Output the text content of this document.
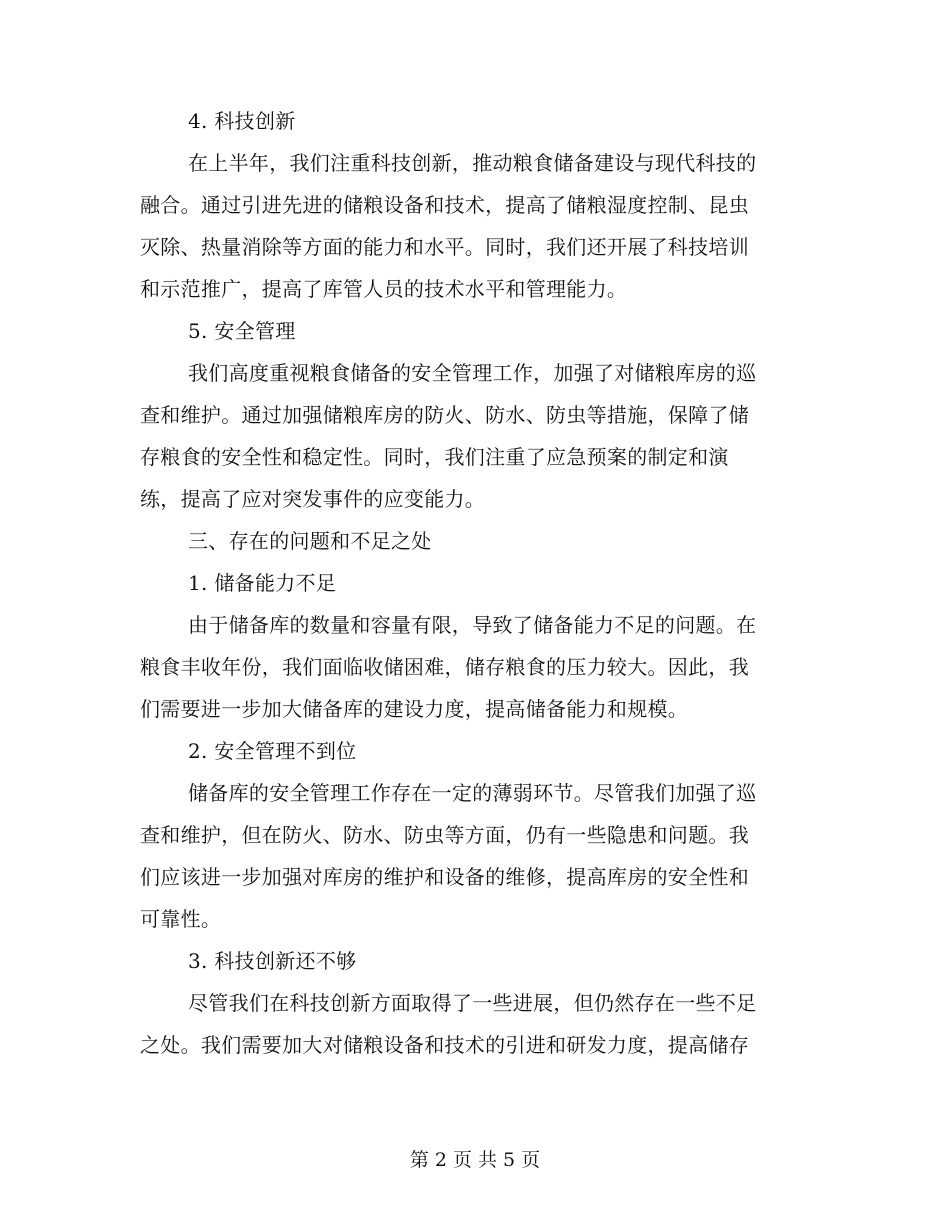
4. 科技创新
在上半年，我们注重科技创新，推动粮食储备建设与现代科技的
融合。通过引进先进的储粮设备和技术，提高了储粮湿度控制、昆虫
灭除、热量消除等方面的能力和水平。同时，我们还开展了科技培训
和示范推广，提高了库管人员的技术水平和管理能力。
5. 安全管理
我们高度重视粮食储备的安全管理工作，加强了对储粮库房的巡
查和维护。通过加强储粮库房的防火、防水、防虫等措施，保障了储
存粮食的安全性和稳定性。同时，我们注重了应急预案的制定和演
练，提高了应对突发事件的应变能力。
三、存在的问题和不足之处
1. 储备能力不足
由于储备库的数量和容量有限，导致了储备能力不足的问题。在
粮食丰收年份，我们面临收储困难，储存粮食的压力较大。因此，我
们需要进一步加大储备库的建设力度，提高储备能力和规模。
2. 安全管理不到位
储备库的安全管理工作存在一定的薄弱环节。尽管我们加强了巡
查和维护，但在防火、防水、防虫等方面，仍有一些隐患和问题。我
们应该进一步加强对库房的维护和设备的维修，提高库房的安全性和
可靠性。
3. 科技创新还不够
尽管我们在科技创新方面取得了一些进展，但仍然存在一些不足
之处。我们需要加大对储粮设备和技术的引进和研发力度，提高储存
第 2 页 共 5 页
